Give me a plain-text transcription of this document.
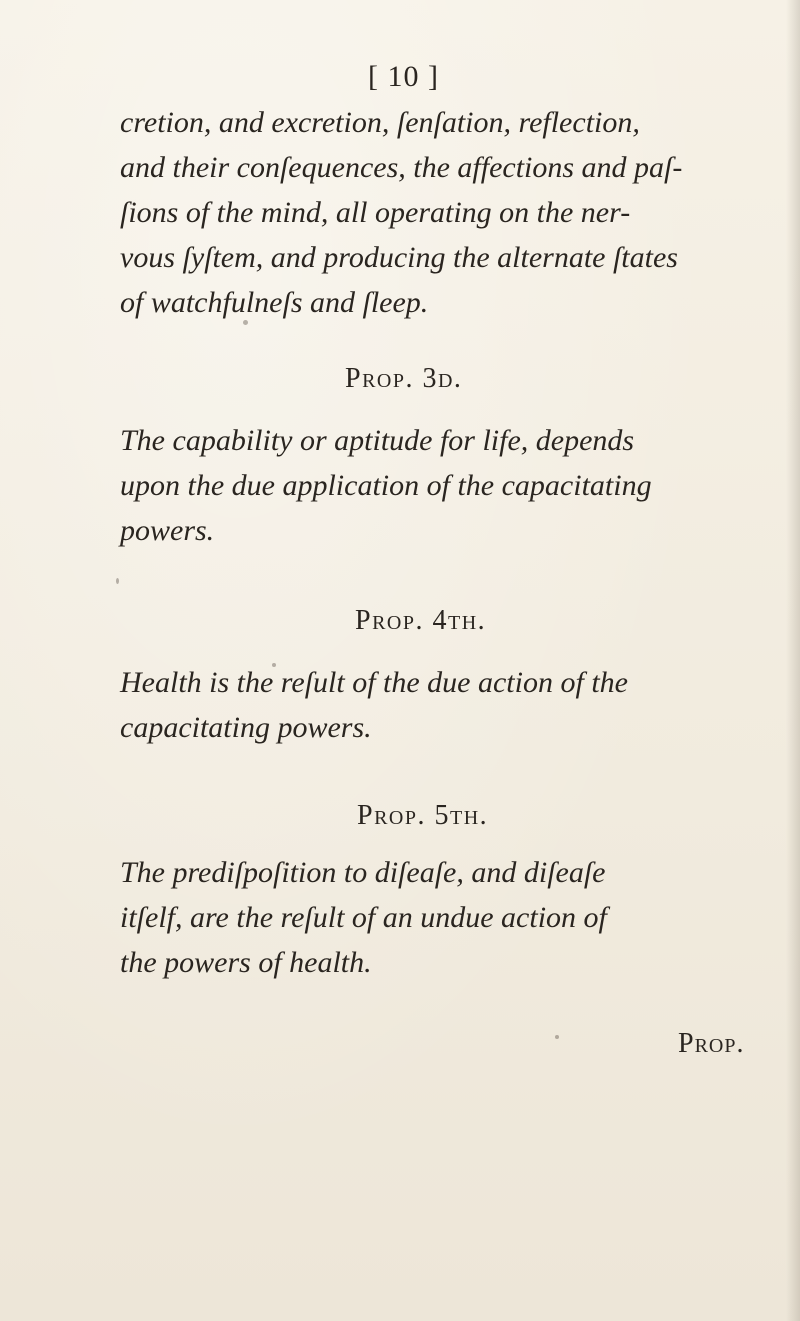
[ 10 ]

cretion, and excretion, ſenſation, reflection,
and their conſequences, the affections and paſ-
ſions of the mind, all operating on the ner-
vous ſyſtem, and producing the alternate ſtates
of watchfulneſs and ſleep.

Prop. 3d.

The capability or aptitude for life, depends
upon the due application of the capacitating
powers.

Prop. 4th.

Health is the reſult of the due action of the
capacitating powers.

Prop. 5th.

The prediſpoſition to diſeaſe, and diſeaſe
itſelf, are the reſult of an undue action of
the powers of health.

Prop.
